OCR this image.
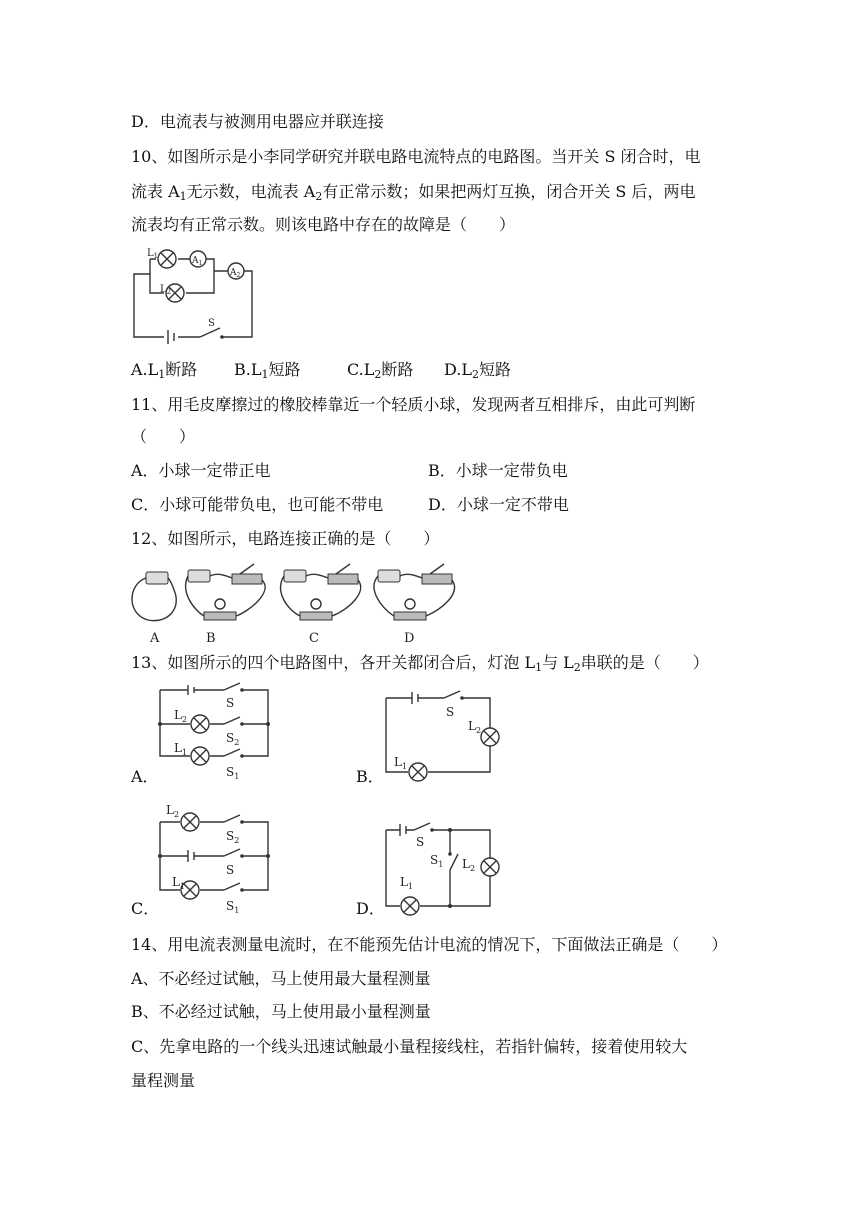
D．电流表与被测用电器应并联连接
10、如图所示是小李同学研究并联电路电流特点的电路图。当开关 S 闭合时，电
流表 $A_1$无示数，电流表 $A_2$有正常示数；如果把两灯互换，闭合开关 S 后，两电
流表均有正常示数。则该电路中存在的故障是（　　）
$L_1$	$A_1$
$A_2$
$L_2$
S
$A.L_1$断路 $B.L_1$短路	$C.L_2$断路 $D.L_2$短路
11、用毛皮摩擦过的橡胶棒靠近一个轻质小球，发现两者互相排斥，由此可判断
（　　）
A．小球一定带正电	B．小球一定带负电
C．小球可能带负电，也可能不带电	D．小球一定不带电
12、如图所示，电路连接正确的是（　　）
A	B	C	D
13、如图所示的四个电路图中，各开关都闭合后，灯泡 $L_1$与 $L_2$串联的是（　　）
S
$L_2$
$S_2$
$L_1$
$S_1$
A．
S
$L_2$
$L_1$
B．
$L_2$
$S_2$
S
$L_1$
$S_1$
C．
S
$S_1$ $L_2$
$L_1$
D．
14、用电流表测量电流时，在不能预先估计电流的情况下，下面做法正确是（　　）
A、不必经过试触，马上使用最大量程测量
B、不必经过试触，马上使用最小量程测量
C、先拿电路的一个线头迅速试触最小量程接线柱，若指针偏转，接着使用较大
量程测量
